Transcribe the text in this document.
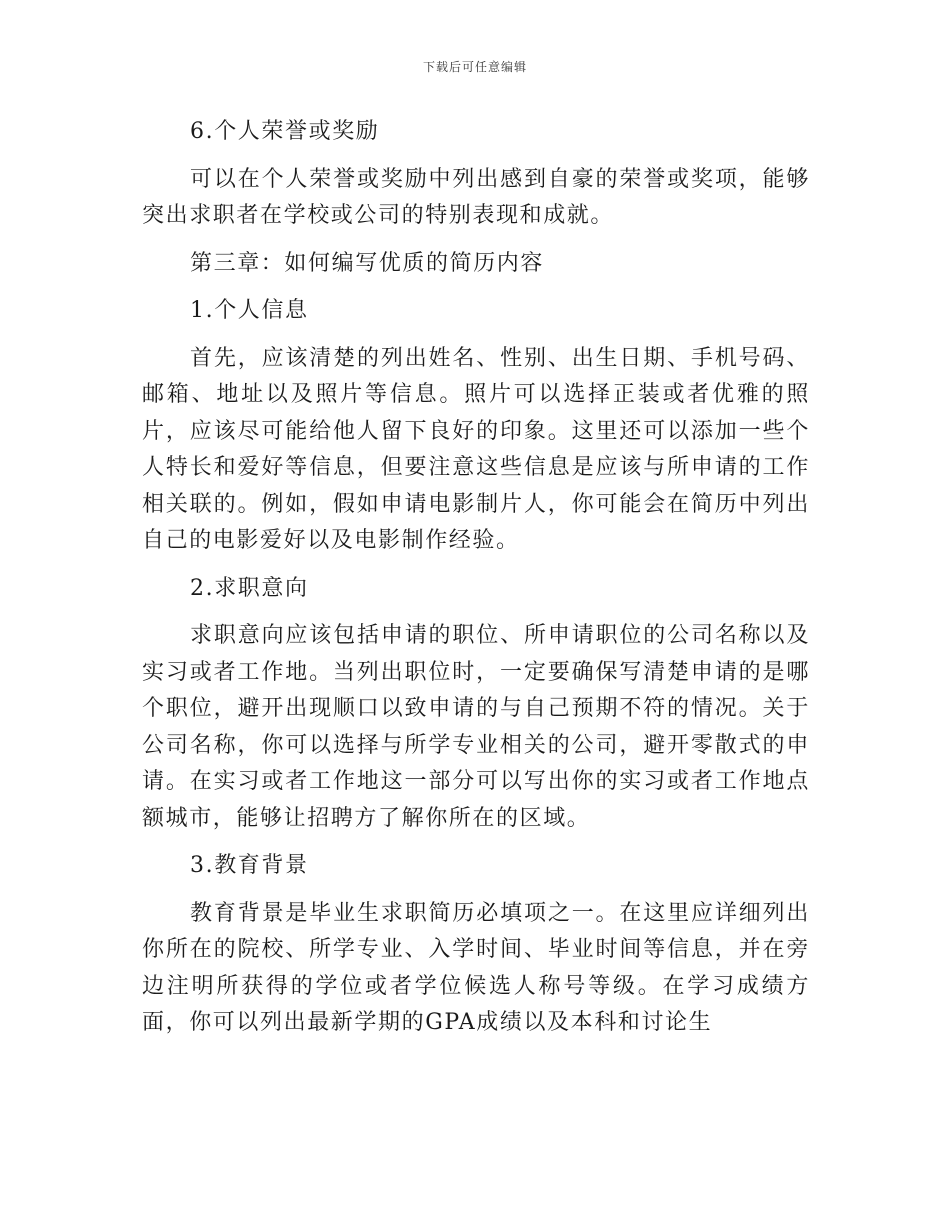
下载后可任意编辑

6.个人荣誉或奖励

可以在个人荣誉或奖励中列出感到自豪的荣誉或奖项，能够突出求职者在学校或公司的特别表现和成就。

第三章：如何编写优质的简历内容

1.个人信息

首先，应该清楚的列出姓名、性别、出生日期、手机号码、邮箱、地址以及照片等信息。照片可以选择正装或者优雅的照片，应该尽可能给他人留下良好的印象。这里还可以添加一些个人特长和爱好等信息，但要注意这些信息是应该与所申请的工作相关联的。例如，假如申请电影制片人，你可能会在简历中列出自己的电影爱好以及电影制作经验。

2.求职意向

求职意向应该包括申请的职位、所申请职位的公司名称以及实习或者工作地。当列出职位时，一定要确保写清楚申请的是哪个职位，避开出现顺口以致申请的与自己预期不符的情况。关于公司名称，你可以选择与所学专业相关的公司，避开零散式的申请。在实习或者工作地这一部分可以写出你的实习或者工作地点额城市，能够让招聘方了解你所在的区域。

3.教育背景

教育背景是毕业生求职简历必填项之一。在这里应详细列出你所在的院校、所学专业、入学时间、毕业时间等信息，并在旁边注明所获得的学位或者学位候选人称号等级。在学习成绩方面，你可以列出最新学期的GPA成绩以及本科和讨论生
